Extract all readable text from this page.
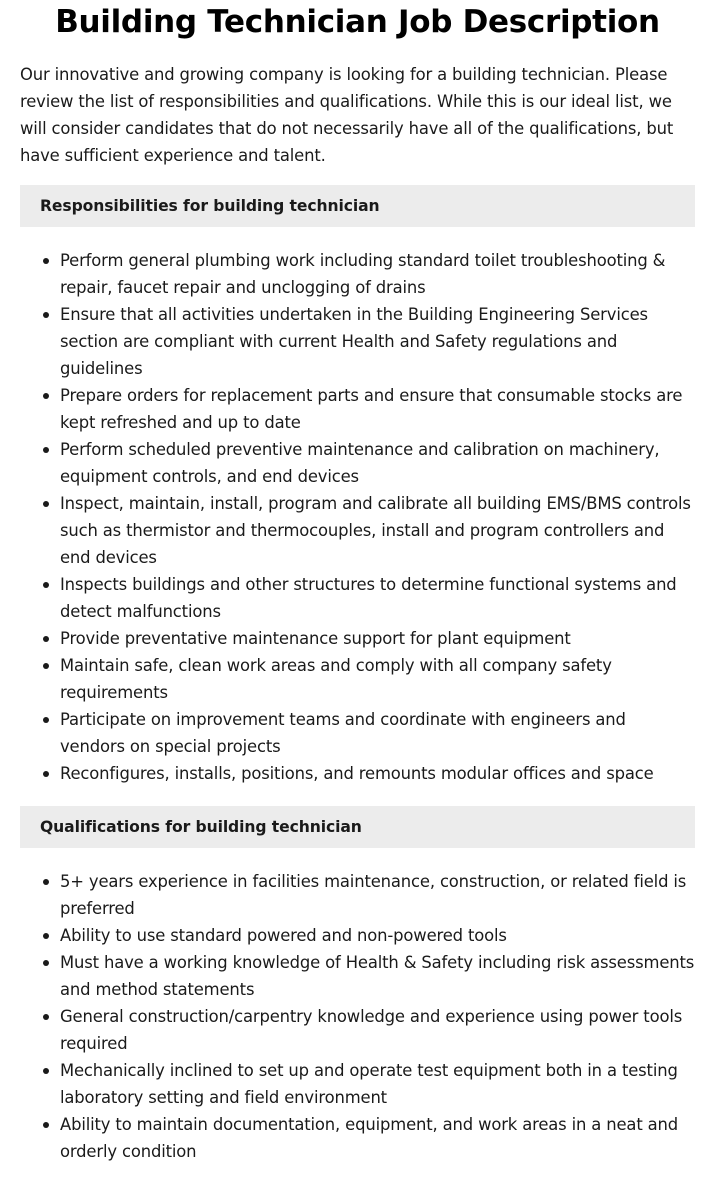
Building Technician Job Description

Our innovative and growing company is looking for a building technician. Please review the list of responsibilities and qualifications. While this is our ideal list, we will consider candidates that do not necessarily have all of the qualifications, but have sufficient experience and talent.

Responsibilities for building technician
Perform general plumbing work including standard toilet troubleshooting & repair, faucet repair and unclogging of drains
Ensure that all activities undertaken in the Building Engineering Services section are compliant with current Health and Safety regulations and guidelines
Prepare orders for replacement parts and ensure that consumable stocks are kept refreshed and up to date
Perform scheduled preventive maintenance and calibration on machinery, equipment controls, and end devices
Inspect, maintain, install, program and calibrate all building EMS/BMS controls such as thermistor and thermocouples, install and program controllers and end devices
Inspects buildings and other structures to determine functional systems and detect malfunctions
Provide preventative maintenance support for plant equipment
Maintain safe, clean work areas and comply with all company safety requirements
Participate on improvement teams and coordinate with engineers and vendors on special projects
Reconfigures, installs, positions, and remounts modular offices and space
Qualifications for building technician
5+ years experience in facilities maintenance, construction, or related field is preferred
Ability to use standard powered and non-powered tools
Must have a working knowledge of Health & Safety including risk assessments and method statements
General construction/carpentry knowledge and experience using power tools required
Mechanically inclined to set up and operate test equipment both in a testing laboratory setting and field environment
Ability to maintain documentation, equipment, and work areas in a neat and orderly condition
